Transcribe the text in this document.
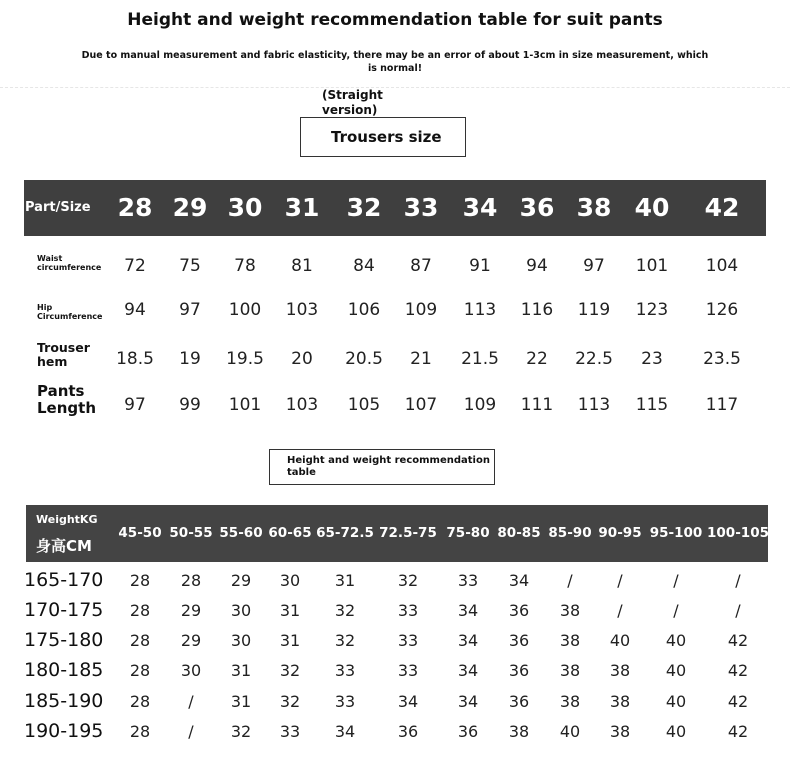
Height and weight recommendation table for suit pants
Due to manual measurement and fabric elasticity, there may be an error of about 1-3cm in size measurement, which is normal!
(Straight version)
Trousers size
Part/Size 28 29 30 31 32 33 34 36 38 40 42
Waist circumference 72 75 78 81 84 87 91 94 97 101 104
Hip Circumference 94 97 100 103 106 109 113 116 119 123 126
Trouser hem	18.5 19 19.5 20 20.5 21 21.5 22 22.5 23 23.5
Pants Length	97 99 101 103 105 107 109 111 113 115 117
Height and weight recommendation table
WeightKG
身高CM
45-50 50-55 55-60 60-65 65-72.5 72.5-75 75-80 80-85 85-90 90-95 95-100 100-105
165-170 28 28 29 30 31	32 33 34 /	/	/	/
170-175 28 29 30 31 32	33 34 36 38 /	/	/
175-180 28 29 30 31 32	33 34 36 38 40 40	42
180-185 28 30 31 32 33	33 34 36 38 38 40	42
185-190 28 / 31 32 33	34 34 36 38 38 40	42
190-195 28 / 32 33 34	36 36 38 40 38 40	42
